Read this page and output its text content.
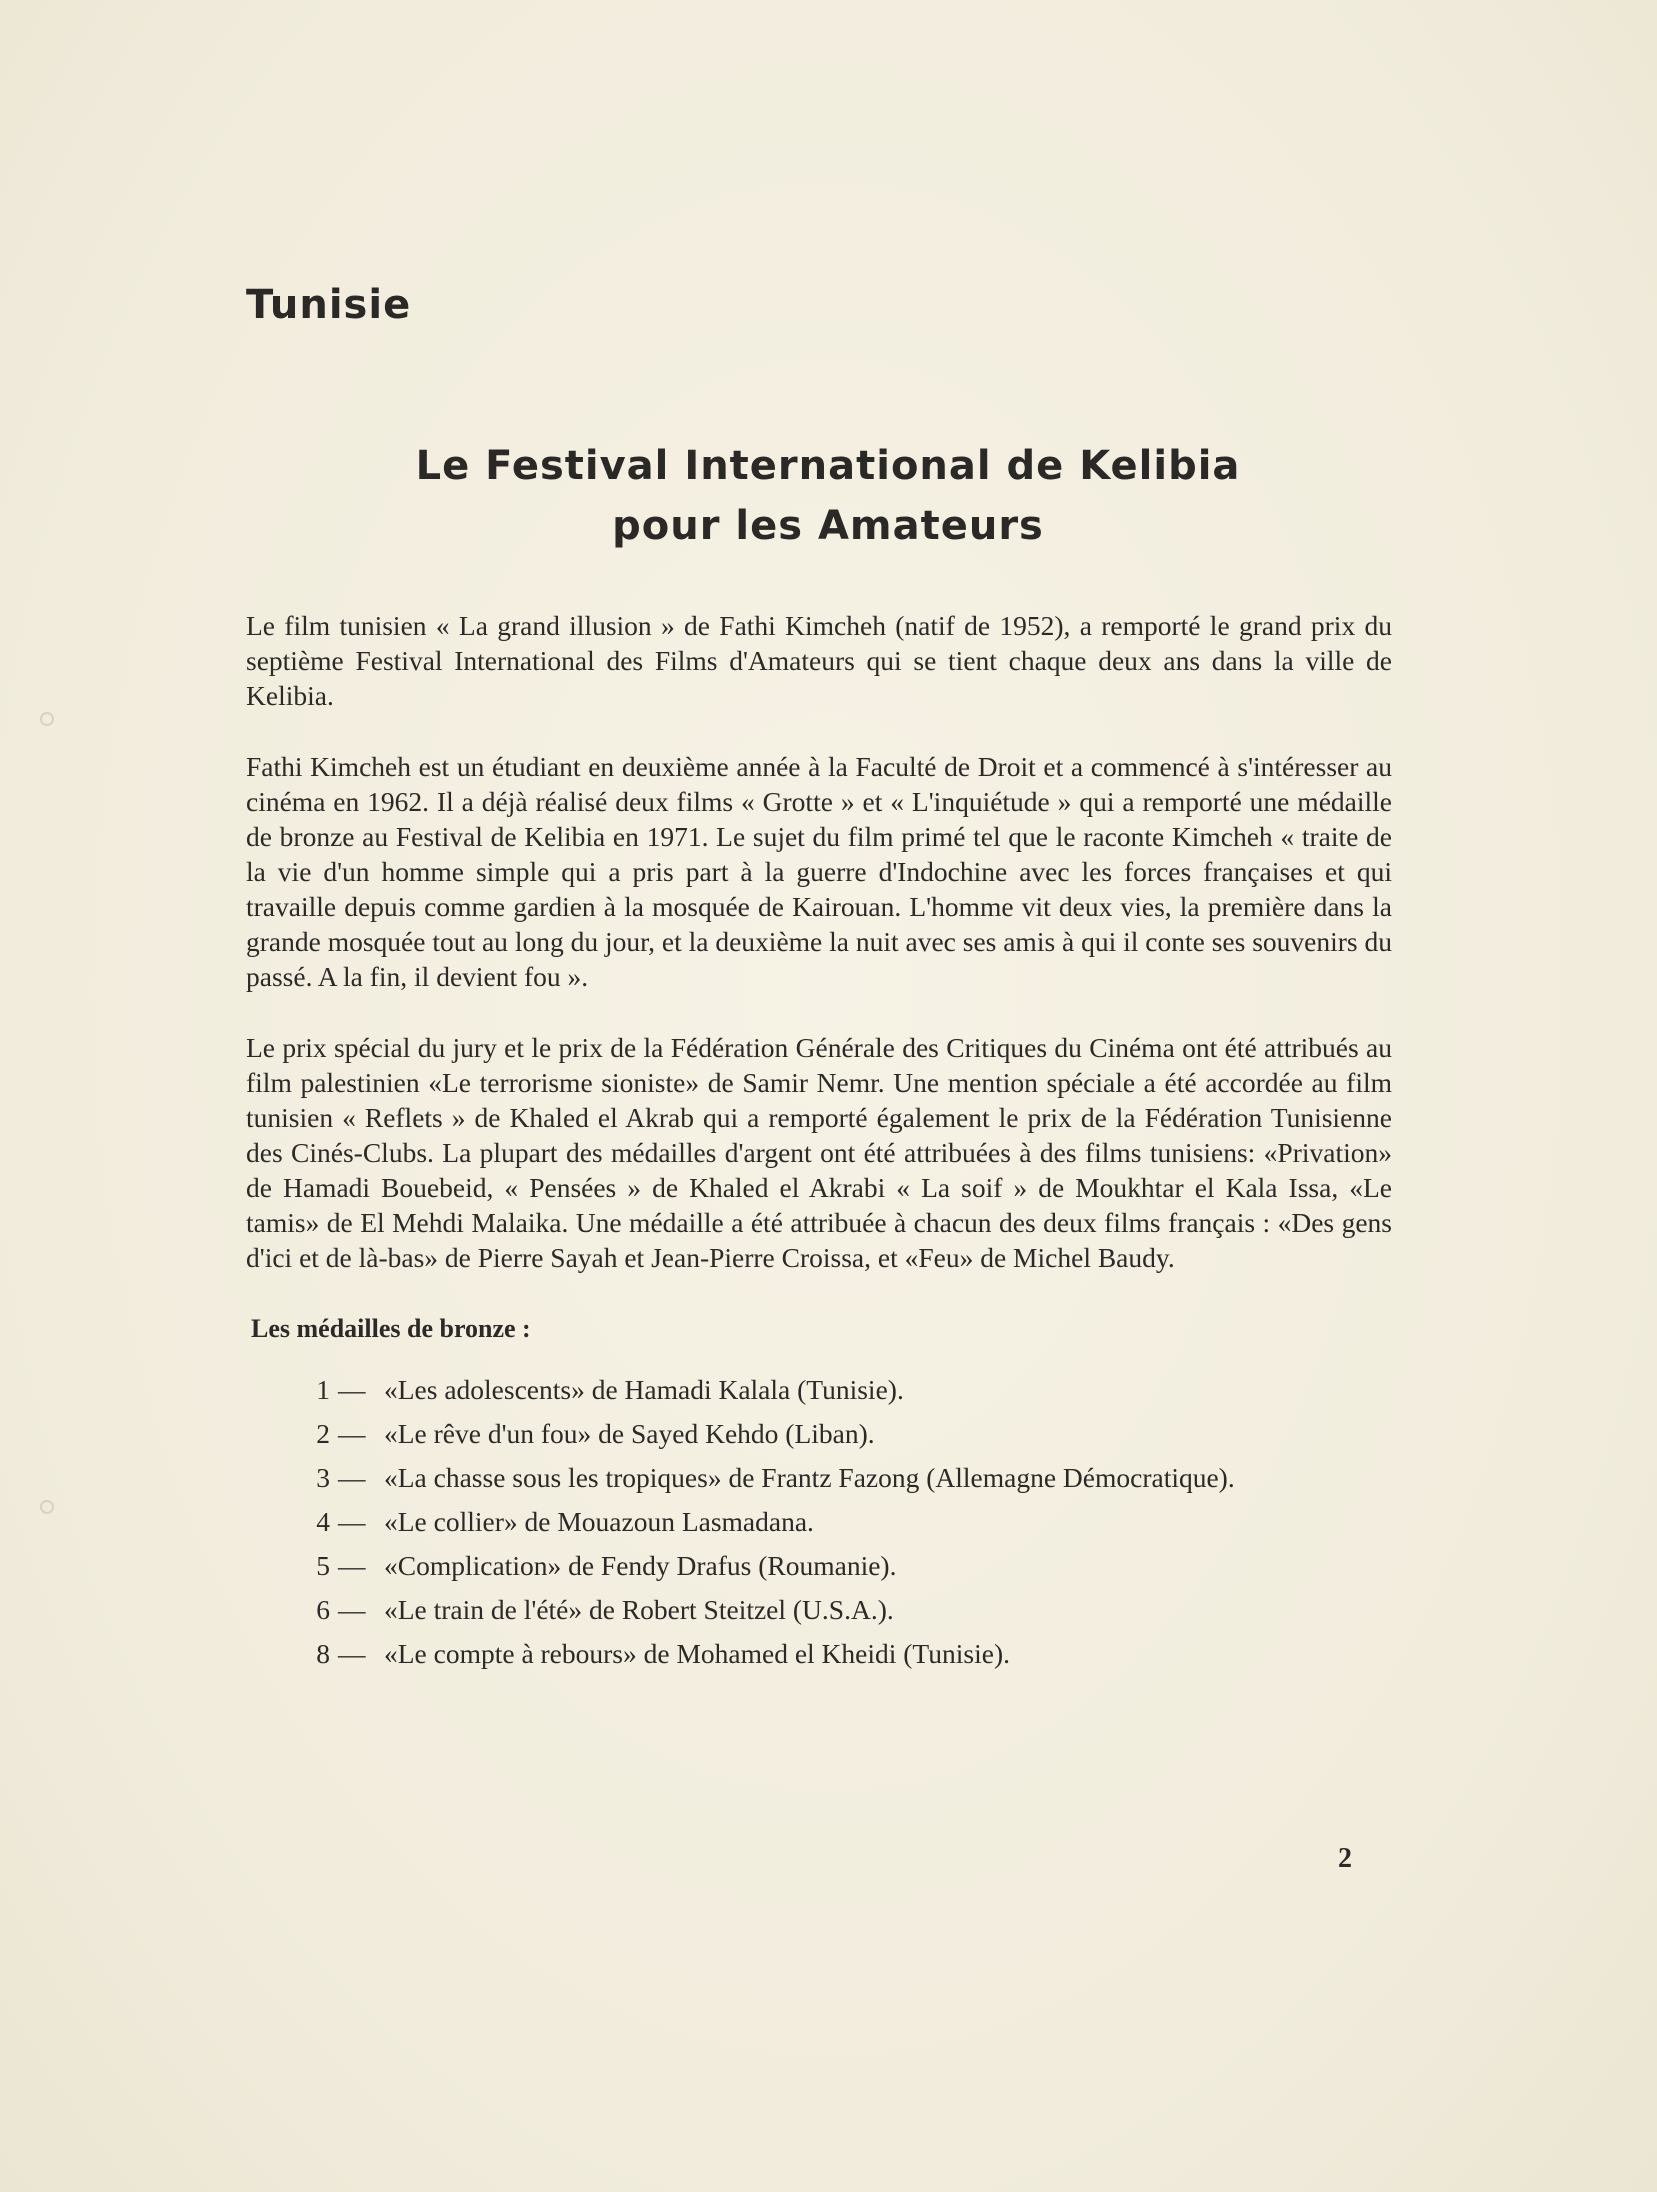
Tunisie
Le Festival International de Kelibia
pour les Amateurs

Le film tunisien « La grand illusion » de Fathi Kimcheh (natif de 1952), a remporté le grand prix du septième Festival International des Films d'Amateurs qui se tient chaque deux ans dans la ville de Kelibia.

Fathi Kimcheh est un étudiant en deuxième année à la Faculté de Droit et a commencé à s'intéresser au cinéma en 1962. Il a déjà réalisé deux films « Grotte » et « L'inquiétude » qui a remporté une médaille de bronze au Festival de Kelibia en 1971. Le sujet du film primé tel que le raconte Kimcheh « traite de la vie d'un homme simple qui a pris part à la guerre d'Indochine avec les forces françaises et qui travaille depuis comme gardien à la mosquée de Kairouan. L'homme vit deux vies, la première dans la grande mosquée tout au long du jour, et la deuxième la nuit avec ses amis à qui il conte ses souvenirs du passé. A la fin, il devient fou ».

Le prix spécial du jury et le prix de la Fédération Générale des Critiques du Cinéma ont été attribués au film palestinien «Le terrorisme sioniste» de Samir Nemr. Une mention spéciale a été accordée au film tunisien « Reflets » de Khaled el Akrab qui a remporté également le prix de la Fédération Tunisienne des Cinés-Clubs. La plupart des médailles d'argent ont été attribuées à des films tunisiens: «Privation» de Hamadi Bouebeid, « Pensées » de Khaled el Akrabi « La soif » de Moukhtar el Kala Issa, «Le tamis» de El Mehdi Malaika. Une médaille a été attribuée à chacun des deux films français : «Des gens d'ici et de là-bas» de Pierre Sayah et Jean-Pierre Croissa, et «Feu» de Michel Baudy.

Les médailles de bronze :
1 — «Les adolescents» de Hamadi Kalala (Tunisie).
2 — «Le rêve d'un fou» de Sayed Kehdo (Liban).
3 — «La chasse sous les tropiques» de Frantz Fazong (Allemagne Démocratique).
4 — «Le collier» de Mouazoun Lasmadana.
5 — «Complication» de Fendy Drafus (Roumanie).
6 — «Le train de l'été» de Robert Steitzel (U.S.A.).
8 — «Le compte à rebours» de Mohamed el Kheidi (Tunisie).
2
